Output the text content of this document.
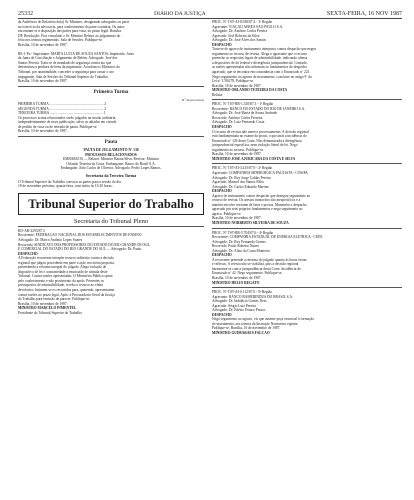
25332	DIÁRIO DA JUSTIÇA	SEXTA-FEIRA, 16 NOV 1987
da Audiência do Relatório do(a) Sr. Ministro, designando advogados ou parte
no exercício da advocacia, para conhecimento da parte contrária. Os autos
encontram-se à disposição das partes para vista, no prazo legal. Brasília
DF. Resolução: Fica vinculado o Sr. Ministro Relator ao julgamento do
feito nos termos regimentais. Sala de Sessões. Publique-se.
Brasília, 10 de novembro de 1987.

RE-1-Pa - Impetrante: MARTA LÚCIA DE SOUZA SANTOS, Impetrado: Juízo
da Junta de Conciliação e Julgamento de Belém. Advogado: José dos
Santos Pereira. Trata-se de mandado de segurança contra ato que
determinou a penhora de bens da impetrante. Acordam os Ministros do
Tribunal, por unanimidade, conceder a segurança para cassar o ato
impugnado. Sala de Sessões do Tribunal Superior do Trabalho.
Brasília, 10 de novembro de 1987.
Primeira Turma
Nº de processos
PRIMEIRA TURMA ............................................................ 2
SEGUNDA TURMA ............................................................ 2
TERCEIRA TURMA ........................................................... 1
Os processos acima relacionados serão julgados na sessão ordinária,
independentemente de nova publicação, salvo os adiados em virtude
de pedido de vista ou de retirada de pauta. Publique-se.
Brasília, 10 de novembro de 1987.
Pauta
PAUTA DE JULGAMENTO Nº 130
PROCESSOS RELACIONADOS
EMBARGOS — Relator: Ministro Barata Silva. Revisor: Ministro
Orlando Teixeira da Costa. Embargante: Banco do Brasil S.A.
Embargado: João Carlos de Oliveira. Advogado: Pedro Lopes Ramos.
Secretaria da Terceira Turma
O Tribunal Superior do Trabalho convoca as partes para a sessão do dia
18 de novembro próximo, quarta-feira, com início às 13:30 horas.
Tribunal Superior do Trabalho
Secretaria do Tribunal Pleno
RO-AR-2293/87.3
Recorrente: FEDERAÇÃO NACIONAL DOS ESTABELECIMENTOS DE ENSINO
Advogado: Dr. Marco Antônio Lopes Soares
Recorrido: SINDICATO DOS PROFESSORES DO ESTADO DO RIO GRANDE DO SUL
E COMERCIAL DO ESTADO DO RIO GRANDE DO SUL — Advogado: Dr. Paulo
DESPACHO
A Federação recorrente interpõe recurso ordinário contra a decisão
regional que julgou procedente em parte a ação rescisória proposta,
pretendendo a reforma integral do julgado. Alega violação de
dispositivo de lei e contrariedade a enunciado de súmula deste
Tribunal. Contra-razões apresentadas. O Ministério Público opina
pelo conhecimento e não provimento do apelo. Presentes os
pressupostos de admissibilidade, recebo o recurso no efeito
devolutivo. Intimem-se os recorridos para, querendo, apresentarem
contra-razões no prazo legal. Após, à Procuradoria-Geral da Justiça
do Trabalho para emissão de parecer. Publique-se.
Brasília, 10 de novembro de 1987.
MINISTRO MARCELO PIMENTEL
Presidente do Tribunal Superior do Trabalho
PROC. Nº TST-AI-8.038/87.4 - 3ª Região
Agravante: VIAÇÃO AÉREA SÃO PAULO S.A.
Advogado: Dr. Antônio Carlos Pereira
Agravado: José Roberto da Silva
Advogado: Dr. José Alves dos Santos
DESPACHO
Trata-se de agravo de instrumento interposto contra despacho que negou
seguimento ao recurso de revista. Alega o agravante que o recurso
preenche os requisitos legais de admissibilidade, indicando ofensa
a dispositivo de lei federal e divergência jurisprudencial. Contudo,
as razões apresentadas não infirmam os fundamentos do despacho
agravado, que se encontra em consonância com o Enunciado nº 221.
Nego seguimento ao agravo de instrumento, com base no artigo 9º da
Lei nº 5.584/70. Publique-se.
Brasília, 10 de novembro de 1987.
MINISTRO ORLANDO TEIXEIRA DA COSTA
Relator
PROC. Nº TST-RR-1.520/87.3 - 1ª Região
Recorrente: BANCO DO ESTADO DO RIO DE JANEIRO S.A.
Advogado: Dr. José Maria de Souza Andrade
Recorrido: Antônio Carlos Ferreira
Advogado: Dr. Luiz Fernando Costa
DESPACHO
O recurso de revista não merece processamento. A decisão regional
está fundamentada no exame da prova, o que atrai a incidência do
Enunciado nº 126 desta Corte. Não demonstrada a divergência
jurisprudencial específica, nem violação literal de lei. Nego
seguimento ao recurso. Publique-se.
Brasília, 10 de novembro de 1987.
MINISTRO JOSÉ AJURICABA DA COSTA E SILVA
PROC. Nº TST-AI-3.415/87.9 - 2ª Região
Agravante: COMPANHIA SIDERÚRGICA PAULISTA - COSIPA
Advogado: Dr. Ruy Jorge Caldas Pereira
Agravado: Manoel dos Santos Filho
Advogado: Dr. Carlos Eduardo Martins
DESPACHO
Agravo de instrumento contra despacho que denegou seguimento ao
recurso de revista. Os arestos transcritos são inespecíficos e a
matéria envolve reexame de fatos e provas. Mantenho o despacho
agravado por seus próprios fundamentos e nego seguimento ao
agravo. Publique-se.
Brasília, 10 de novembro de 1987.
MINISTRO NORBERTO SILVEIRA DE SOUZA
PROC. Nº TST-RR-5.704/87.6 - 4ª Região
Recorrente: COMPANHIA ESTADUAL DE ENERGIA ELÉTRICA - CEEE
Advogado: Dr. Ruy Fernando Gomes
Recorrido: Paulo Roberto Nunes
Advogado: Dr. Alino da Costa Monteiro
DESPACHO
A recorrente pretende a reforma do julgado quanto às horas extras
e reflexos. A revista não se viabiliza, pois a decisão regional
harmoniza-se com a jurisprudência desta Corte. Incidência do
Enunciado nº 42. Nego seguimento. Publique-se.
Brasília, 10 de novembro de 1987.
MINISTRO HÉLIO REGATO
PROC. Nº TST-AI-6.112/87.0 - 9ª Região
Agravante: BANCO BAMERINDUS DO BRASIL S.A.
Advogado: Dr. Indalécio Gomes Neto
Agravado: Sérgio Luiz Pereira
Advogado: Dr. Edésio Franco Passos
DESPACHO
Nego seguimento ao agravo, eis que ausente peça essencial à formação
do instrumento, nos termos da Instrução Normativa vigente.
Publique-se. Brasília, 10 de novembro de 1987.
MINISTRO GUIMARÃES FALCÃO
